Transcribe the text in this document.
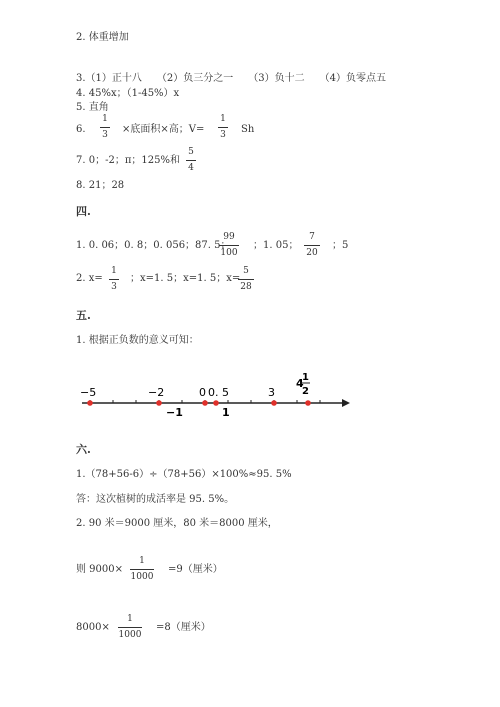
2. 体重增加
3.（1）正十八　　（2）负三分之一　　（3）负十二　　（4）负零点五
4. 45%x；（1-45%）x
5. 直角
6.
1
3 ×底面积×高；V=
1
3 Sh
7. 0；-2；π；125%和
5
4
8. 21；28
四.
1. 0. 06；0. 8；0. 056；87. 5；
99
100
；1. 05；
7
20
；5
2. x=
1
3
；x=1. 5；x=1. 5；x=
5
28
五.
1. 根据正负数的意义可知：
−5	−2	0 0. 5	3
4
1
2
−1	1
六.
1.（78+56-6）÷（78+56）×100%≈95. 5%
答：这次植树的成活率是 95. 5%。
2. 90 米＝9000 厘米，80 米＝8000 厘米，
则 9000×
1
1000
=9（厘米）
8000×
1
1000
=8（厘米）
